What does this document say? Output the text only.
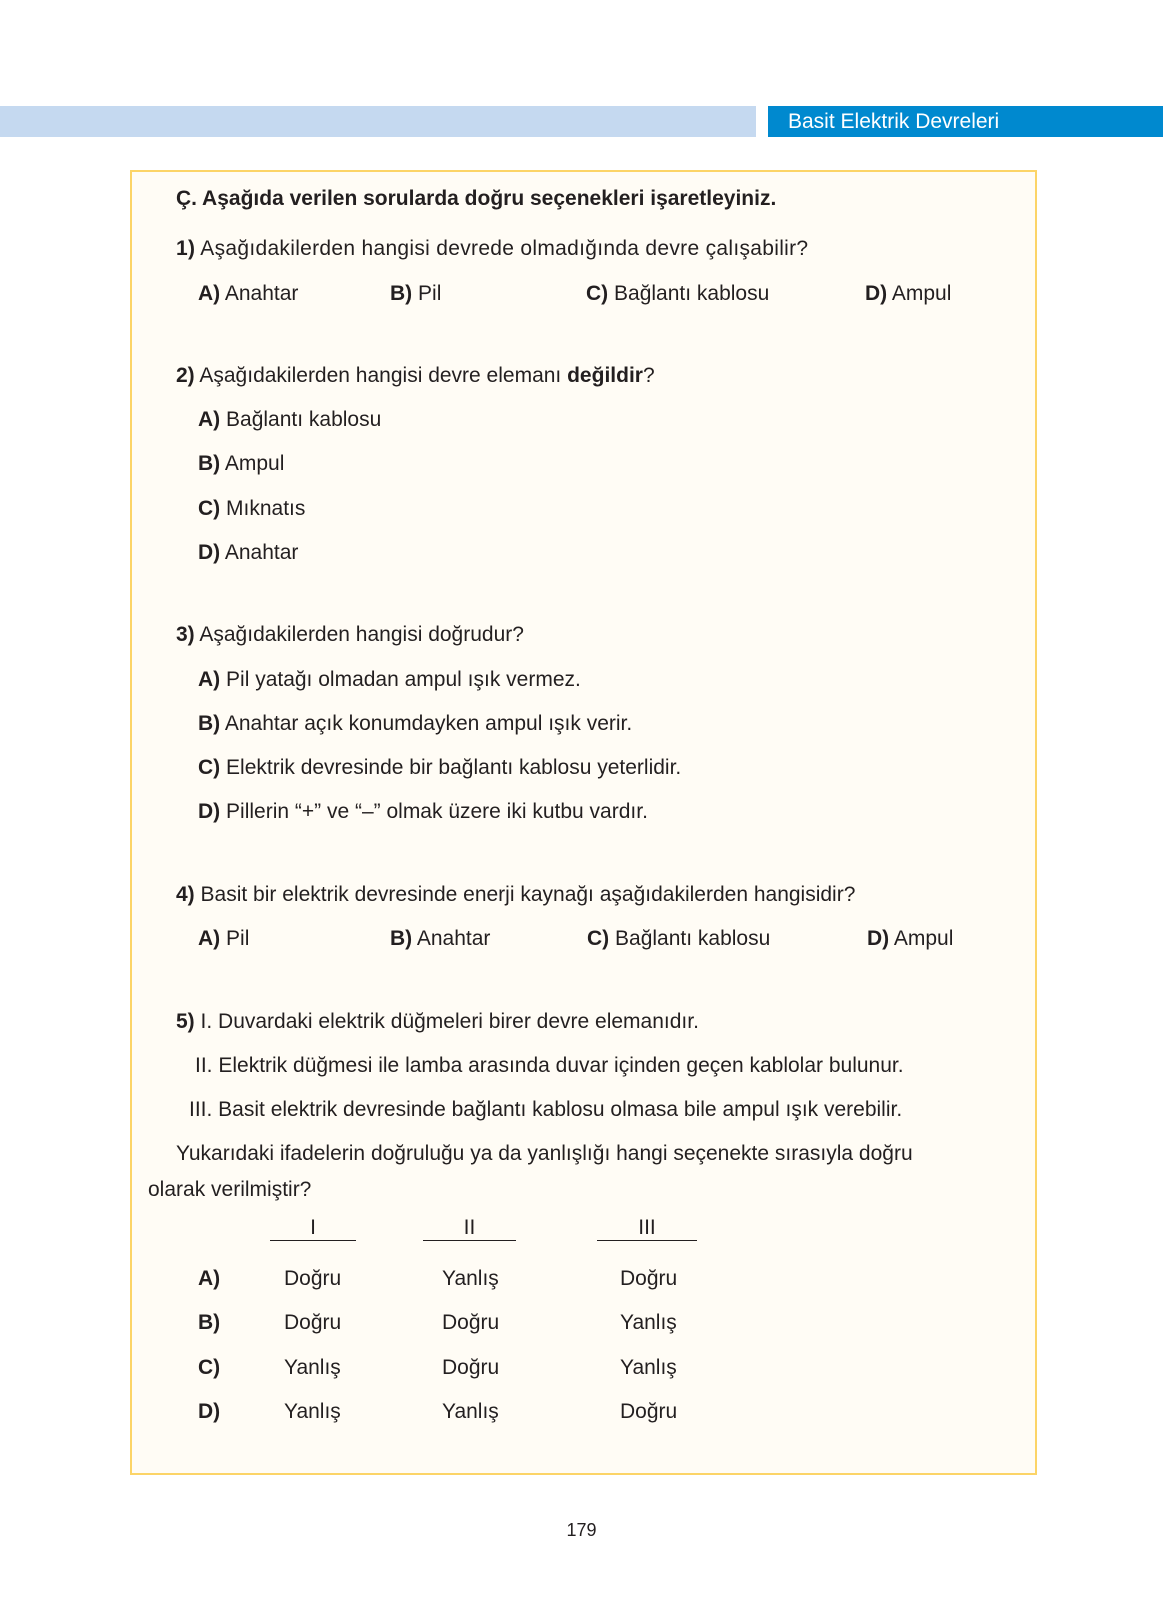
Basit Elektrik Devreleri
Ç. Aşağıda verilen sorularda doğru seçenekleri işaretleyiniz.
1) Aşağıdakilerden hangisi devrede olmadığında devre çalışabilir?
A) Anahtar	B) Pil	C) Bağlantı kablosu	D) Ampul
2) Aşağıdakilerden hangisi devre elemanı değildir?
A) Bağlantı kablosu
B) Ampul
C) Mıknatıs
D) Anahtar
3) Aşağıdakilerden hangisi doğrudur?
A) Pil yatağı olmadan ampul ışık vermez.
B) Anahtar açık konumdayken ampul ışık verir.
C) Elektrik devresinde bir bağlantı kablosu yeterlidir.
D) Pillerin “+” ve “–” olmak üzere iki kutbu vardır.
4) Basit bir elektrik devresinde enerji kaynağı aşağıdakilerden hangisidir?
A) Pil	B) Anahtar	C) Bağlantı kablosu	D) Ampul
5) I. Duvardaki elektrik düğmeleri birer devre elemanıdır.
II. Elektrik düğmesi ile lamba arasında duvar içinden geçen kablolar bulunur.
III. Basit elektrik devresinde bağlantı kablosu olmasa bile ampul ışık verebilir.
Yukarıdaki ifadelerin doğruluğu ya da yanlışlığı hangi seçenekte sırasıyla doğru
olarak verilmiştir?
I	II	III
A)	Doğru	Yanlış	Doğru
B)	Doğru	Doğru	Yanlış
C)	Yanlış	Doğru	Yanlış
D)	Yanlış	Yanlış	Doğru
179
